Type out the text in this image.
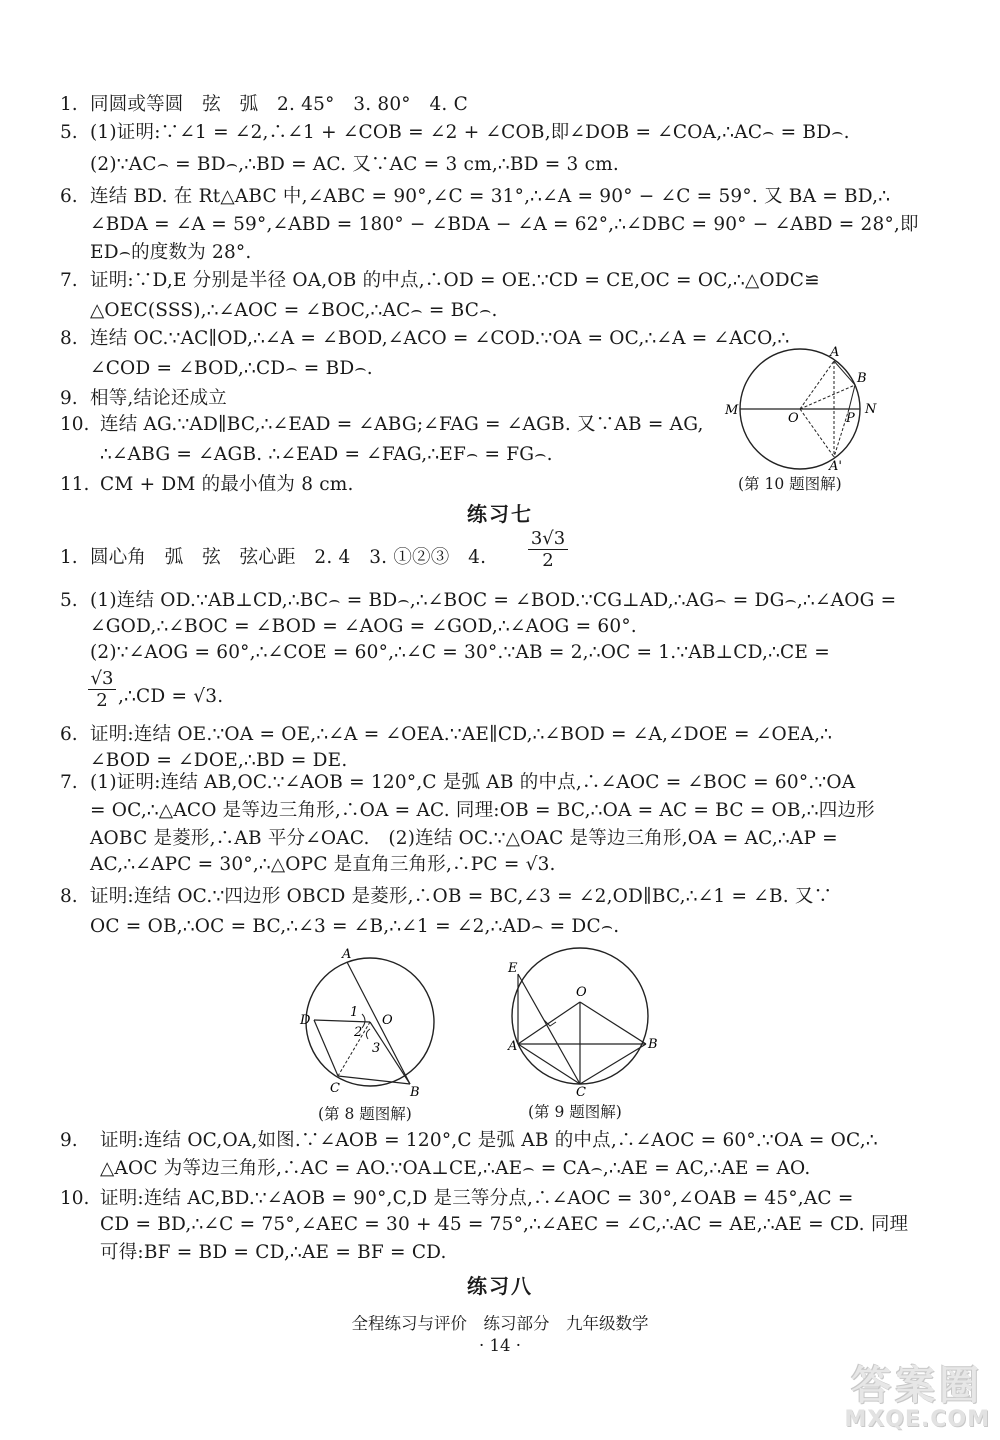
1. 同圆或等圆　弦　弧　2. 45°　3. 80°　4. C
5. (1)证明:∵∠1 = ∠2,∴∠1 + ∠COB = ∠2 + ∠COB,即∠DOB = ∠COA,∴AC⌢ = BD⌢.
(2)∵AC⌢ = BD⌢,∴BD = AC. 又∵AC = 3 cm,∴BD = 3 cm.
6. 连结 BD. 在 Rt△ABC 中,∠ABC = 90°,∠C = 31°,∴∠A = 90° − ∠C = 59°. 又 BA = BD,∴
∠BDA = ∠A = 59°,∠ABD = 180° − ∠BDA − ∠A = 62°,∴∠DBC = 90° − ∠ABD = 28°,即
ED⌢的度数为 28°.
7. 证明:∵D,E 分别是半径 OA,OB 的中点,∴OD = OE.∵CD = CE,OC = OC,∴△ODC≌
△OEC(SSS),∴∠AOC = ∠BOC,∴AC⌢ = BC⌢.
8. 连结 OC.∵AC∥OD,∴∠A = ∠BOD,∠ACO = ∠COD.∵OA = OC,∴∠A = ∠ACO,∴
∠COD = ∠BOD,∴CD⌢ = BD⌢.
9. 相等,结论还成立
10. 连结 AG.∵AD∥BC,∴∠EAD = ∠ABG;∠FAG = ∠AGB. 又∵AB = AG,
∴∠ABG = ∠AGB. ∴∠EAD = ∠FAG,∴EF⌢ = FG⌢.
11. CM + DM 的最小值为 8 cm.
A
B
M
O	P
N
A'
(第 10 题图解)
练习七
1. 圆心角　弧　弦　弦心距　2. 4　3. ①②③　4. $\frac{3√3}{2}$
5. (1)连结 OD.∵AB⊥CD,∴BC⌢ = BD⌢,∴∠BOC = ∠BOD.∵CG⊥AD,∴AG⌢ = DG⌢,∴∠AOG =
∠GOD,∴∠BOC = ∠BOD = ∠AOG = ∠GOD,∴∠AOG = 60°.
(2)∵∠AOG = 60°,∴∠COE = 60°,∴∠C = 30°.∵AB = 2,∴OC = 1.∵AB⊥CD,∴CE =
$\frac{√3}{2}$ ,∴CD = √3.
6. 证明:连结 OE.∵OA = OE,∴∠A = ∠OEA.∵AE∥CD,∴∠BOD = ∠A,∠DOE = ∠OEA,∴
∠BOD = ∠DOE,∴BD = DE.
7. (1)证明:连结 AB,OC.∵∠AOB = 120°,C 是弧 AB 的中点,∴∠AOC = ∠BOC = 60°.∵OA
= OC,∴△ACO 是等边三角形,∴OA = AC. 同理:OB = BC,∴OA = AC = BC = OB,∴四边形
AOBC 是菱形,∴AB 平分∠OAC.　(2)连结 OC.∵△OAC 是等边三角形,OA = AC,∴AP =
AC,∴∠APC = 30°,∴△OPC 是直角三角形,∴PC = √3.
8. 证明:连结 OC.∵四边形 OBCD 是菱形,∴OB = BC,∠3 = ∠2,OD∥BC,∴∠1 = ∠B. 又∵
OC = OB,∴OC = BC,∴∠3 = ∠B,∴∠1 = ∠2,∴AD⌢ = DC⌢.
A
D	O
C	B
1
2
3
(第 8 题图解)
E
O
A	B
C
(第 9 题图解)
9. 证明:连结 OC,OA,如图.∵∠AOB = 120°,C 是弧 AB 的中点,∴∠AOC = 60°.∵OA = OC,∴
△AOC 为等边三角形,∴AC = AO.∵OA⊥CE,∴AE⌢ = CA⌢,∴AE = AC,∴AE = AO.
10. 证明:连结 AC,BD.∵∠AOB = 90°,C,D 是三等分点,∴∠AOC = 30°,∠OAB = 45°,AC =
CD = BD,∴∠C = 75°,∠AEC = 30 + 45 = 75°,∴∠AEC = ∠C,∴AC = AE,∴AE = CD. 同理
可得:BF = BD = CD,∴AE = BF = CD.
练习八
全程练习与评价　练习部分　九年级数学
· 14 ·
答案圈
MXQE.COM
